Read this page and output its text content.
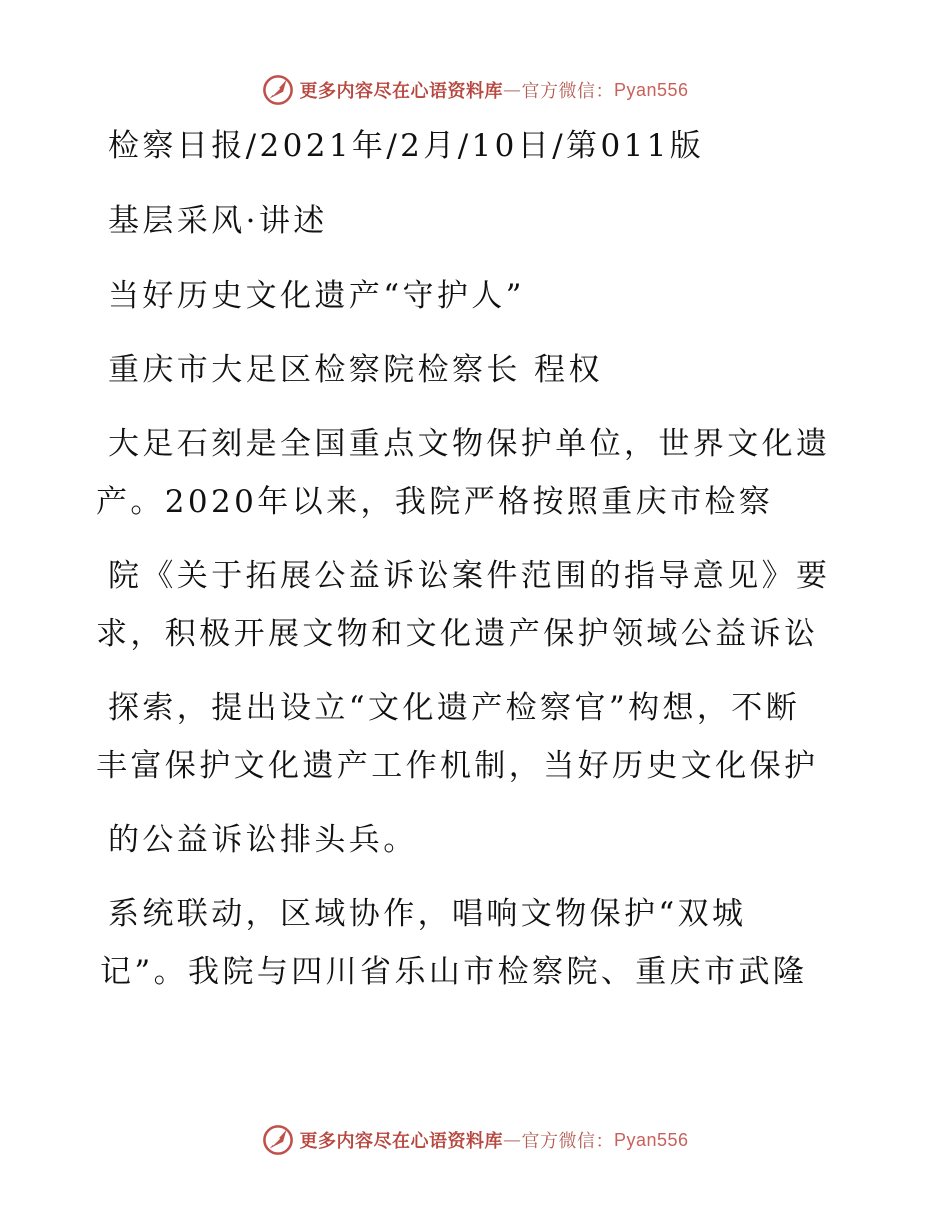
更多内容尽在心语资料库 — 官方微信： Pyan556
检察日报/2021年/2月/10日/第011版
基层采风·讲述
当好历史文化遗产“守护人”
重庆市大足区检察院检察长 程权
大足石刻是全国重点文物保护单位，世界文化遗
产。2020年以来，我院严格按照重庆市检察
院《关于拓展公益诉讼案件范围的指导意见》要
求，积极开展文物和文化遗产保护领域公益诉讼
探索，提出设立“文化遗产检察官”构想，不断
丰富保护文化遗产工作机制，当好历史文化保护
的公益诉讼排头兵。
系统联动，区域协作，唱响文物保护“双城
记”。我院与四川省乐山市检察院、重庆市武隆
更多内容尽在心语资料库 — 官方微信： Pyan556
